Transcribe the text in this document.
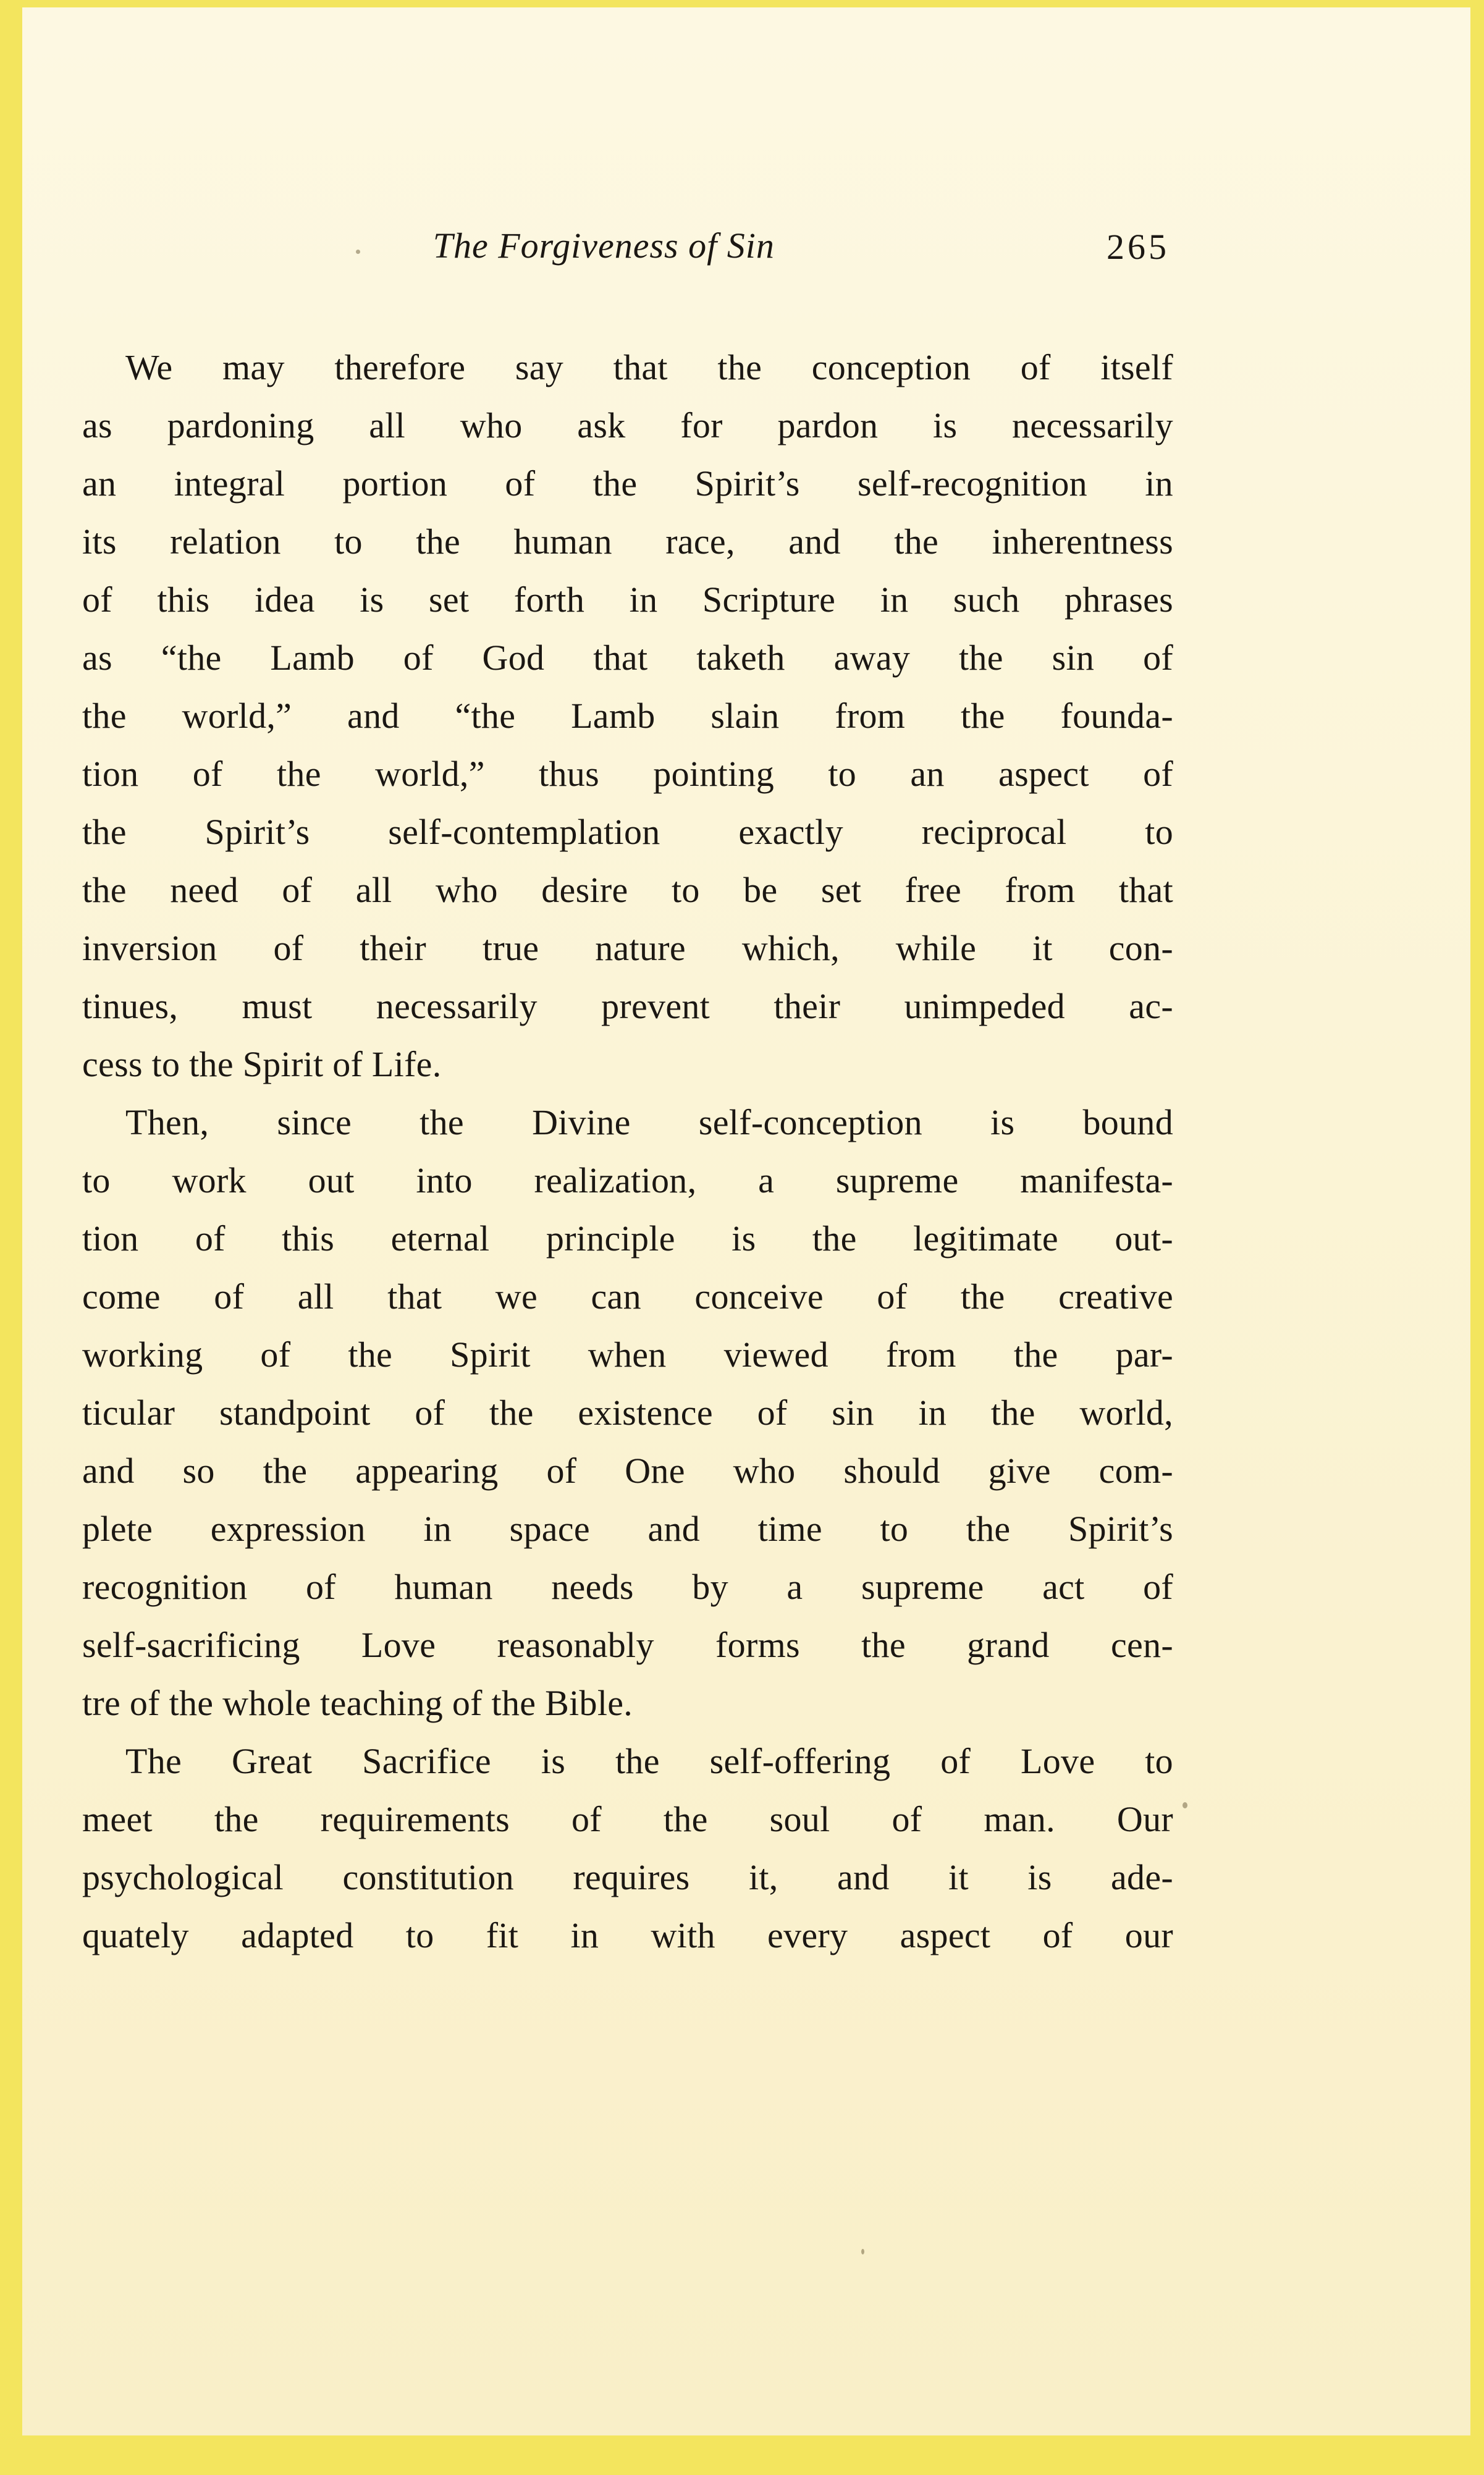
The Forgiveness of Sin	265
We may therefore say that the conception of itself
as pardoning all who ask for pardon is necessarily
an integral portion of the Spirit’s self-recognition in
its relation to the human race, and the inherentness
of this idea is set forth in Scripture in such phrases
as “the Lamb of God that taketh away the sin of
the world,” and “the Lamb slain from the founda-
tion of the world,” thus pointing to an aspect of
the Spirit’s self-contemplation exactly reciprocal to
the need of all who desire to be set free from that
inversion of their true nature which, while it con-
tinues, must necessarily prevent their unimpeded ac-
cess to the Spirit of Life.
Then, since the Divine self-conception is bound
to work out into realization, a supreme manifesta-
tion of this eternal principle is the legitimate out-
come of all that we can conceive of the creative
working of the Spirit when viewed from the par-
ticular standpoint of the existence of sin in the world,
and so the appearing of One who should give com-
plete expression in space and time to the Spirit’s
recognition of human needs by a supreme act of
self-sacrificing Love reasonably forms the grand cen-
tre of the whole teaching of the Bible.
The Great Sacrifice is the self-offering of Love to
meet the requirements of the soul of man. Our
psychological constitution requires it, and it is ade-
quately adapted to fit in with every aspect of our
